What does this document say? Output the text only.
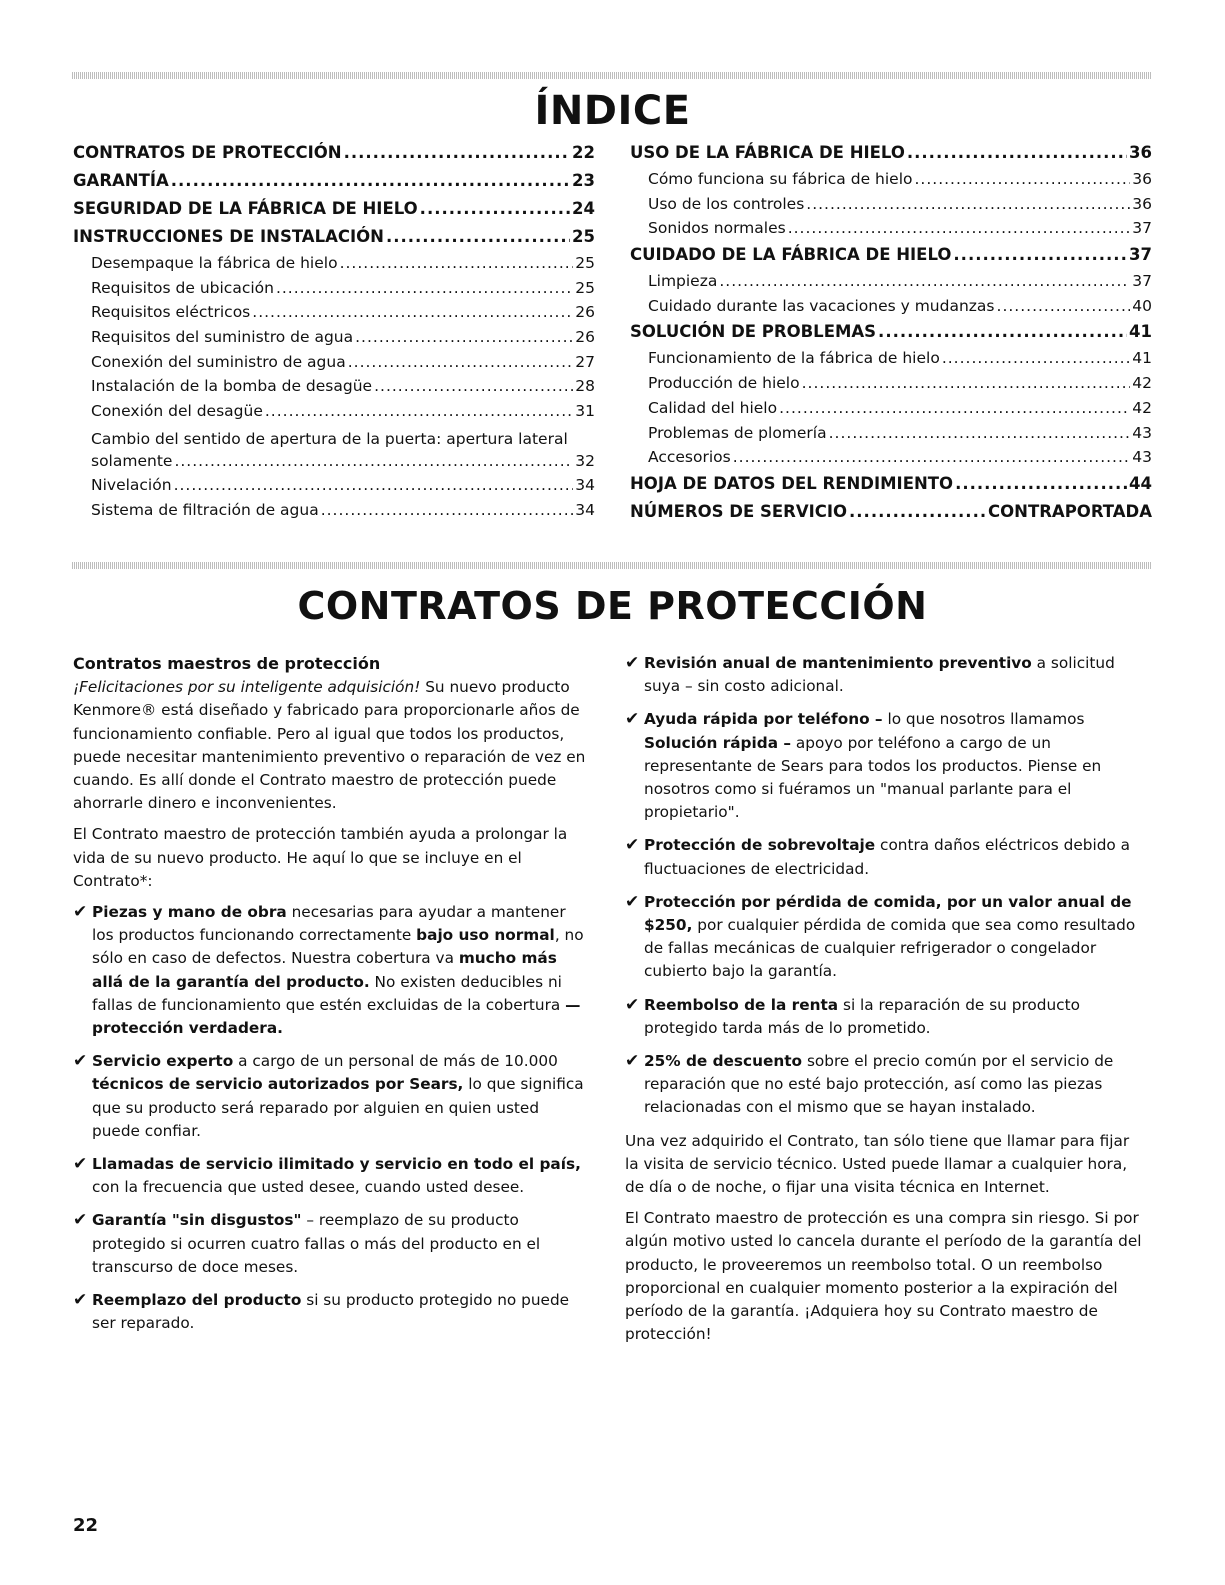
ÍNDICE
CONTRATOS DE PROTECCIÓN .....	22
GARANTÍA .....	23
SEGURIDAD DE LA FÁBRICA DE HIELO .....	24
INSTRUCCIONES DE INSTALACIÓN .....	25
Desempaque la fábrica de hielo .....	25
Requisitos de ubicación .....	25
Requisitos eléctricos .....	26
Requisitos del suministro de agua .....	26
Conexión del suministro de agua .....	27
Instalación de la bomba de desagüe .....	28
Conexión del desagüe .....	31
Cambio del sentido de apertura de la puerta: apertura lateral
solamente .....	32
Nivelación .....	34
Sistema de filtración de agua .....	34
USO DE LA FÁBRICA DE HIELO .....	36
Cómo funciona su fábrica de hielo .....	36
Uso de los controles .....	36
Sonidos normales .....	37
CUIDADO DE LA FÁBRICA DE HIELO .....	37
Limpieza .....	37
Cuidado durante las vacaciones y mudanzas .....	40
SOLUCIÓN DE PROBLEMAS .....	41
Funcionamiento de la fábrica de hielo .....	41
Producción de hielo .....	42
Calidad del hielo .....	42
Problemas de plomería .....	43
Accesorios .....	43
HOJA DE DATOS DEL RENDIMIENTO .....	44
NÚMEROS DE SERVICIO .....	CONTRAPORTADA
CONTRATOS DE PROTECCIÓN

Contratos maestros de protección

¡Felicitaciones por su inteligente adquisición! Su nuevo producto Kenmore® está diseñado y fabricado para proporcionarle años de funcionamiento confiable. Pero al igual que todos los productos, puede necesitar mantenimiento preventivo o reparación de vez en cuando. Es allí donde el Contrato maestro de protección puede ahorrarle dinero e inconvenientes.

El Contrato maestro de protección también ayuda a prolongar la vida de su nuevo producto. He aquí lo que se incluye en el Contrato*:

✔ Piezas y mano de obra necesarias para ayudar a mantener los productos funcionando correctamente bajo uso normal, no sólo en caso de defectos. Nuestra cobertura va mucho más allá de la garantía del producto. No existen deducibles ni fallas de funcionamiento que estén excluidas de la cobertura — protección verdadera.
✔ Servicio experto a cargo de un personal de más de 10.000 técnicos de servicio autorizados por Sears, lo que significa que su producto será reparado por alguien en quien usted puede confiar.
✔ Llamadas de servicio ilimitado y servicio en todo el país, con la frecuencia que usted desee, cuando usted desee.
✔ Garantía "sin disgustos" – reemplazo de su producto protegido si ocurren cuatro fallas o más del producto en el transcurso de doce meses.
✔ Reemplazo del producto si su producto protegido no puede ser reparado.
✔ Revisión anual de mantenimiento preventivo a solicitud suya – sin costo adicional.
✔ Ayuda rápida por teléfono – lo que nosotros llamamos Solución rápida – apoyo por teléfono a cargo de un representante de Sears para todos los productos. Piense en nosotros como si fuéramos un "manual parlante para el propietario".
✔ Protección de sobrevoltaje contra daños eléctricos debido a fluctuaciones de electricidad.
✔ Protección por pérdida de comida, por un valor anual de $250, por cualquier pérdida de comida que sea como resultado de fallas mecánicas de cualquier refrigerador o congelador cubierto bajo la garantía.
✔ Reembolso de la renta si la reparación de su producto protegido tarda más de lo prometido.
✔ 25% de descuento sobre el precio común por el servicio de reparación que no esté bajo protección, así como las piezas relacionadas con el mismo que se hayan instalado.

Una vez adquirido el Contrato, tan sólo tiene que llamar para fijar la visita de servicio técnico. Usted puede llamar a cualquier hora, de día o de noche, o fijar una visita técnica en Internet.

El Contrato maestro de protección es una compra sin riesgo. Si por algún motivo usted lo cancela durante el período de la garantía del producto, le proveeremos un reembolso total. O un reembolso proporcional en cualquier momento posterior a la expiración del período de la garantía. ¡Adquiera hoy su Contrato maestro de protección!

22
